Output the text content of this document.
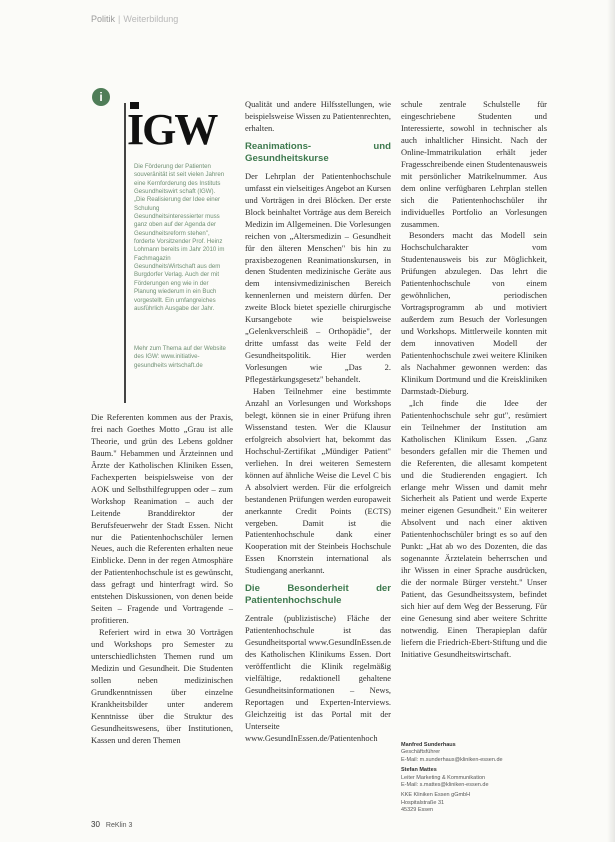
Politik | Weiterbildung
i
IGW
Die Förderung der Patienten souveränität ist seit vielen Jahren eine Kernforderung des Instituts Gesundheitswirt schaft (IGW). „Die Realisierung der Idee einer Schulung Gesundheitsinteressierter muss ganz oben auf der Agenda der Gesundheitsreform stehen", forderte Vorsitzender Prof. Heinz Lohmann bereits im Jahr 2010 im Fachmagazin GesundheitsWirtschaft aus dem Burgdorfer Verlag. Auch der mit Förderungen eng wie in der Planung wiederum in ein Buch vorgestellt. Ein umfangreiches ausführlich Ausgabe der Jahr.
Mehr zum Thema auf der Website des IGW: www.initiative-gesundheits wirtschaft.de

Die Referenten kommen aus der Praxis, frei nach Goethes Motto „Grau ist alle Theorie, und grün des Lebens goldner Baum." Hebammen und Ärzteinnen und Ärzte der Katholischen Kliniken Essen, Fachexperten beispielsweise von der AOK und Selbsthilfegruppen oder – zum Workshop Reanimation – auch der Leitende Branddirektor der Berufsfeuerwehr der Stadt Essen. Nicht nur die Patientenhochschüler lernen Neues, auch die Referenten erhalten neue Einblicke. Denn in der regen Atmosphäre der Patientenhochschule ist es gewünscht, dass gefragt und hinterfragt wird. So entstehen Diskussionen, von denen beide Seiten – Fragende und Vortragende – profitieren.

Referiert wird in etwa 30 Vorträgen und Workshops pro Semester zu unterschiedlichsten Themen rund um Medizin und Gesundheit. Die Studenten sollen neben medizinischen Grundkenntnissen über einzelne Krankheitsbilder unter anderem Kenntnisse über die Struktur des Gesundheitswesens, über Institutionen, Kassen und deren Themen

Qualität und andere Hilfsstellungen, wie beispielsweise Wissen zu Patientenrechten, erhalten.

Reanimations- und Gesundheitskurse

Der Lehrplan der Patientenhochschule umfasst ein vielseitiges Angebot an Kursen und Vorträgen in drei Blöcken. Der erste Block beinhaltet Vorträge aus dem Bereich Medizin im Allgemeinen. Die Vorlesungen reichen von „Altersmedizin – Gesundheit für den älteren Menschen" bis hin zu praxisbezogenen Reanimationskursen, in denen Studenten medizinische Geräte aus dem intensivmedizinischen Bereich kennenlernen und meistern dürfen. Der zweite Block bietet spezielle chirurgische Kursangebote wie beispielsweise „Gelenkverschleiß – Orthopädie", der dritte umfasst das weite Feld der Gesundheitspolitik. Hier werden Vorlesungen wie „Das 2. Pflegestärkungsgesetz" behandelt.

Haben Teilnehmer eine bestimmte Anzahl an Vorlesungen und Workshops belegt, können sie in einer Prüfung ihren Wissenstand testen. Wer die Klausur erfolgreich absolviert hat, bekommt das Hochschul-Zertifikat „Mündiger Patient" verliehen. In drei weiteren Semestern können auf ähnliche Weise die Level C bis A absolviert werden. Für die erfolgreich bestandenen Prüfungen werden europaweit anerkannte Credit Points (ECTS) vergeben. Damit ist die Patientenhochschule dank einer Kooperation mit der Steinbeis Hochschule Essen Knorrstein international als Studiengang anerkannt.

Die Besonderheit der Patientenhochschule

Zentrale (publizistische) Fläche der Patientenhochschule ist das Gesundheitsportal www.GesundInEssen.de des Katholischen Klinikums Essen. Dort veröffentlicht die Klinik regelmäßig vielfältige, redaktionell gehaltene Gesundheitsinformationen – News, Reportagen und Experten-Interviews. Gleichzeitig ist das Portal mit der Unterseite www.GesundInEssen.de/Patientenhoch

schule zentrale Schulstelle für eingeschriebene Studenten und Interessierte, sowohl in technischer als auch inhaltlicher Hinsicht. Nach der Online-Immatrikulation erhält jeder Fragesschreibende einen Studentenausweis mit persönlicher Matrikelnummer. Aus dem online verfügbaren Lehrplan stellen sich die Patientenhochschüler ihr individuelles Portfolio an Vorlesungen zusammen.

Besonders macht das Modell sein Hochschulcharakter vom Studentenausweis bis zur Möglichkeit, Prüfungen abzulegen. Das lehrt die Patientenhochschule von einem gewöhnlichen, periodischen Vortragsprogramm ab und motiviert außerdem zum Besuch der Vorlesungen und Workshops. Mittlerweile konnten mit dem innovativen Modell der Patientenhochschule zwei weitere Kliniken als Nachahmer gewonnen werden: das Klinikum Dortmund und die Kreiskliniken Darmstadt-Dieburg.

„Ich finde die Idee der Patientenhochschule sehr gut", resümiert ein Teilnehmer der Institution am Katholischen Klinikum Essen. „Ganz besonders gefallen mir die Themen und die Referenten, die allesamt kompetent und die Studierenden engagiert. Ich erlange mehr Wissen und damit mehr Sicherheit als Patient und werde Experte meiner eigenen Gesundheit." Ein weiterer Absolvent und nach einer aktiven Patientenhochschüler bringt es so auf den Punkt: „Hat ab wo des Dozenten, die das sogenannte Ärztelatein beherrschen und ihr Wissen in einer Sprache ausdrücken, die der normale Bürger versteht." Unser Patient, das Gesundheitssystem, befindet sich hier auf dem Weg der Besserung. Für eine Genesung sind aber weitere Schritte notwendig. Einen Therapieplan dafür liefern die Friedrich-Ebert-Stiftung und die Initiative Gesundheitswirtschaft.

Manfred Sunderhaus
Geschäftsführer
E-Mail: m.sunderhaus@kliniken-essen.de
Stefan Mattes
Leiter Marketing & Kommunikation
E-Mail: s.mattes@kliniken-essen.de
KKE Kliniken Essen gGmbH
Hospitalstraße 31
45329 Essen
30 ReKlin 3
